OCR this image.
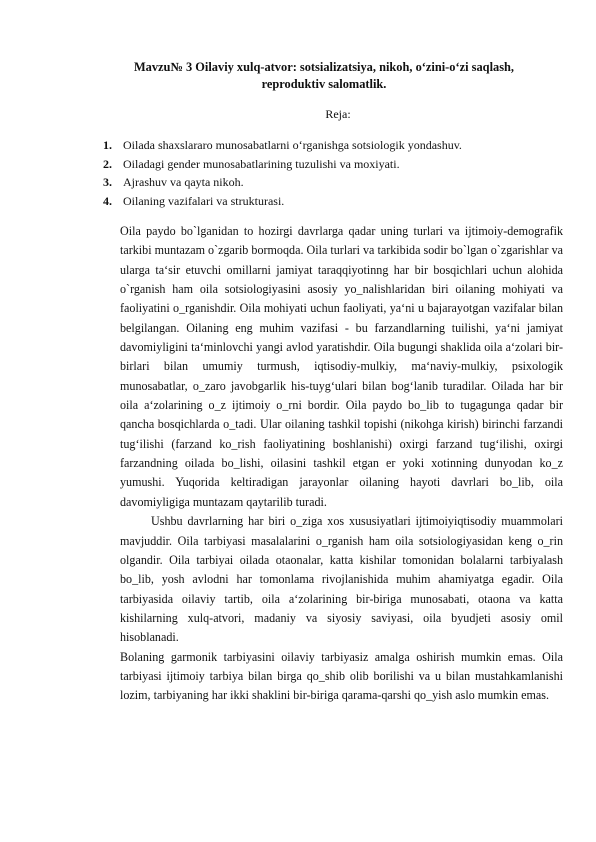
Mavzu№ 3 Oilaviy xulq-atvor: sotsializatsiya, nikoh, o‘zini-o‘zi saqlash,
reproduktiv salomatlik.
Reja:
1. Oilada shaxslararo munosabatlarni o‘rganishga sotsiologik yondashuv.
2. Oiladagi gender munosabatlarining tuzulishi va moxiyati.
3. Ajrashuv va qayta nikoh.
4. Oilaning vazifalari va strukturasi.

Oila paydo bo`lganidan to hozirgi davrlarga qadar uning turlari va ijtimoiy-demografik tarkibi muntazam o`zgarib bormoqda. Oila turlari va tarkibida sodir bo`lgan o`zgarishlar va ularga ta‘sir etuvchi omillarni jamiyat taraqqiyotinng har bir bosqichlari uchun alohida o`rganish ham oila sotsiologiyasini asosiy yo_nalishlaridan biri oilaning mohiyati va faoliyatini o_rganishdir. Oila mohiyati uchun faoliyati, ya‘ni u bajarayotgan vazifalar bilan belgilangan. Oilaning eng muhim vazifasi - bu farzandlarning tuilishi, ya‘ni jamiyat davomiyligini ta‘minlovchi yangi avlod yaratishdir. Oila bugungi shaklida oila a‘zolari bir-birlari bilan umumiy turmush, iqtisodiy-mulkiy, ma‘naviy-mulkiy, psixologik munosabatlar, o_zaro javobgarlik his-tuyg‘ulari bilan bog‘lanib turadilar. Oilada har bir oila a‘zolarining o_z ijtimoiy o_rni bordir. Oila paydo bo_lib to tugagunga qadar bir qancha bosqichlarda o_tadi. Ular oilaning tashkil topishi (nikohga kirish) birinchi farzandi tug‘ilishi (farzand ko_rish faoliyatining boshlanishi) oxirgi farzand tug‘ilishi, oxirgi farzandning oilada bo_lishi, oilasini tashkil etgan er yoki xotinning dunyodan ko_z yumushi. Yuqorida keltiradigan jarayonlar oilaning hayoti davrlari bo_lib, oila davomiyligiga muntazam qaytarilib turadi.

Ushbu davrlarning har biri o_ziga xos xususiyatlari ijtimoiyiqtisodiy muammolari mavjuddir. Oila tarbiyasi masalalarini o_rganish ham oila sotsiologiyasidan keng o_rin olgandir. Oila tarbiyai oilada otaonalar, katta kishilar tomonidan bolalarni tarbiyalash bo_lib, yosh avlodni har tomonlama rivojlanishida muhim ahamiyatga egadir. Oila tarbiyasida oilaviy tartib, oila a‘zolarining bir-biriga munosabati, otaona va katta kishilarning xulq-atvori, madaniy va siyosiy saviyasi, oila byudjeti asosiy omil hisoblanadi.

Bolaning garmonik tarbiyasini oilaviy tarbiyasiz amalga oshirish mumkin emas. Oila tarbiyasi ijtimoiy tarbiya bilan birga qo_shib olib borilishi va u bilan mustahkamlanishi lozim, tarbiyaning har ikki shaklini bir-biriga qarama-qarshi qo_yish aslo mumkin emas.
